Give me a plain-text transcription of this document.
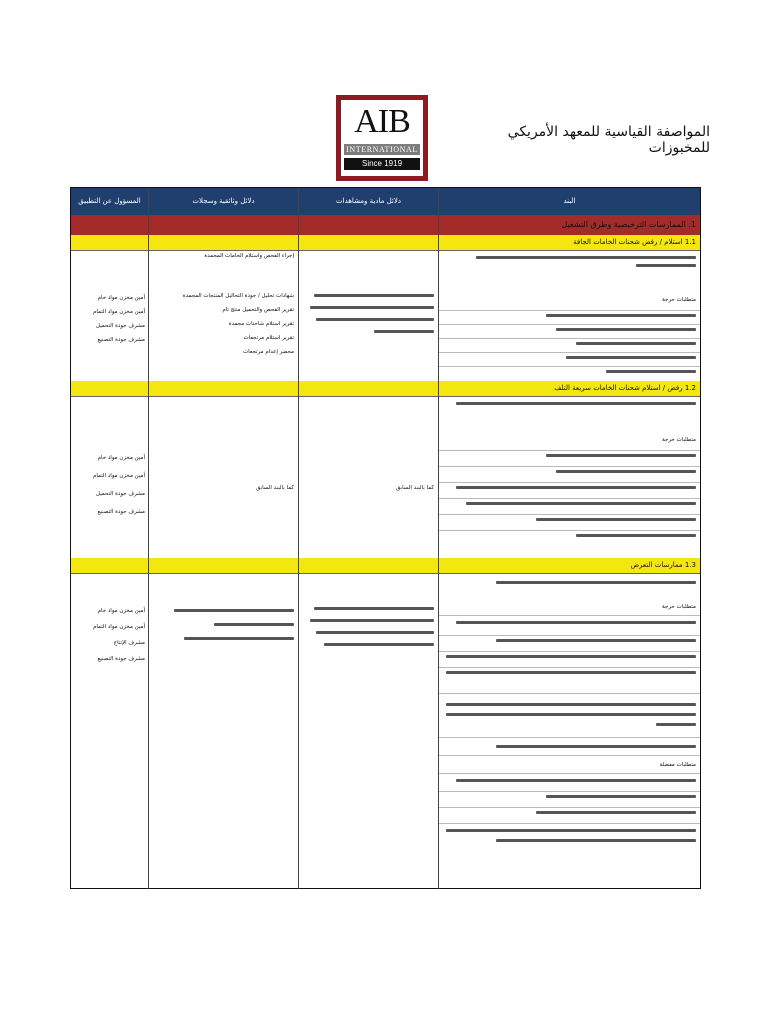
AIB
INTERNATIONAL
Since 1919
المواصفة القياسية للمعهد الأمريكي للمخبوزات
البند
دلائل مادية ومشاهدات
دلائل وثائقية وسجلات
المسؤول عن التطبيق
1. الممارسات الترخيصية وطرق التشغيل
1.1 استلام / رفض شحنات الخامات الجافة
متطلبات حرجة
إجراء الفحص واستلام الخامات المجمدة
شهادات تحليل / جودة التحاليل المنتجات المجمدة
تقرير الفحص والتحميل منتج تام
تقرير استلام شاحنات مجمدة
تقرير استلام مرتجعات
محضر إعدام مرتجعات
أمين مخزن مواد خام
أمين مخزن مواد التمام
مشرف جودة التحميل
مشرف جودة التصنيع
1.2 رفض / استلام شحنات الخامات سريعة التلف
متطلبات حرجة
كما بالبند السابق
كما بالبند السابق
أمين مخزن مواد خام
أمين مخزن مواد التمام
مشرف جودة التحميل
مشرف جودة التصنيع
1.3 ممارسات التعرض
متطلبات حرجة
متطلبات مفضلة
أمين مخزن مواد خام
أمين مخزن مواد التمام
مشرف الإنتاج
مشرف جودة التصنيع
